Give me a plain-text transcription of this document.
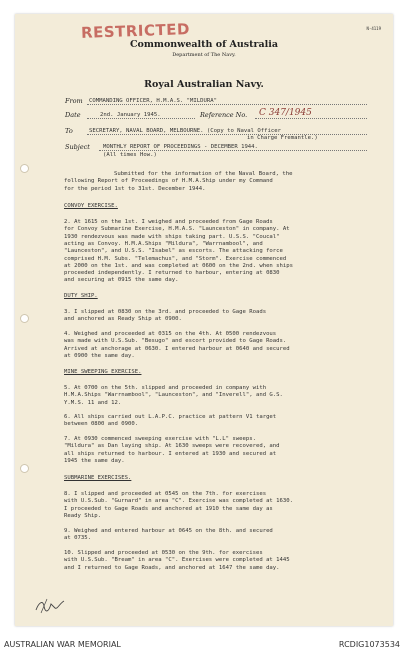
RESTRICTED	N-4119
Commonwealth of Australia
Department of The Navy.
Royal Australian Navy.
From COMMANDING OFFICER, H.M.A.S. "MILDURA"
Date	2nd. January 1945.	Reference No. C 347/1945
To	SECRETARY, NAVAL BOARD, MELBOURNE. (Copy to Naval Officer
in Charge Fremantle.)
Subject MONTHLY REPORT OF PROCEEDINGS - DECEMBER 1944.
(All times How.)
Submitted for the information of the Naval Board, the
following Report of Proceedings of H.M.A.Ship under my Command
for the period 1st to 31st. December 1944.
CONVOY EXERCISE.
2. At 1615 on the 1st. I weighed and proceeded from Gage Roads
for Convoy Submarine Exercise, H.M.A.S. "Launceston" in company. At
1930 rendezvous was made with ships taking part. U.S.S. "Coucal"
acting as Convoy. H.M.A.Ships "Mildura", "Warrnambool", and
"Launceston", and U.S.S. "Isabel" as escorts. The attacking force
comprised H.M. Subs. "Telemachus", and "Storm". Exercise commenced
at 2000 on the 1st. and was completed at 0600 on the 2nd. when ships
proceeded independently. I returned to harbour, entering at 0830
and securing at 0915 the same day.
DUTY SHIP.
3. I slipped at 0830 on the 3rd. and proceeded to Gage Roads
and anchored as Ready Ship at 0900.
4. Weighed and proceeded at 0315 on the 4th. At 0500 rendezvous
was made with U.S.Sub. "Besugo" and escort provided to Gage Roads.
Arrived at anchorage at 0630. I entered harbour at 0640 and secured
at 0900 the same day.
MINE SWEEPING EXERCISE.
5. At 0700 on the 5th. slipped and proceeded in company with
H.M.A.Ships "Warrnambool", "Launceston", and "Inverell", and G.S.
Y.M.S. 11 and 12.
6. All ships carried out L.A.P.C. practice at pattern V1 target
between 0800 and 0900.
7. At 0930 commenced sweeping exercise with "L.L" sweeps.
"Mildura" as Dan laying ship. At 1630 sweeps were recovered, and
all ships returned to harbour. I entered at 1930 and secured at
1945 the same day.
SUBMARINE EXERCISES.
8. I slipped and proceeded at 0545 on the 7th. for exercises
with U.S.Sub. "Gurnard" in area "C". Exercise was completed at 1630.
I proceeded to Gage Roads and anchored at 1910 the same day as
Ready Ship.
9. Weighed and entered harbour at 0645 on the 8th. and secured
at 0735.
10. Slipped and proceeded at 0530 on the 9th. for exercises
with U.S.Sub. "Bream" in area "C". Exercises were completed at 1445
and I returned to Gage Roads, and anchored at 1647 the same day.
AUSTRALIAN WAR MEMORIAL	RCDIG1073534
